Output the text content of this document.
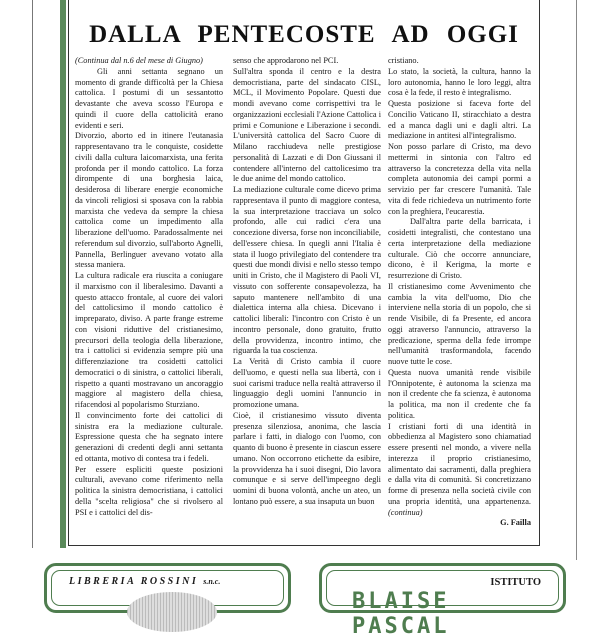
DALLA PENTECOSTE AD OGGI

(Continua dal n.6 del mese di Giugno)

Gli anni settanta segnano un momento di grande difficoltà per la Chiesa cattolica. I postumi di un sessantotto devastante che aveva scosso l'Europa e quindi il cuore della cattolicità erano evidenti e seri.

Divorzio, aborto ed in itinere l'eutanasia rappresentavano tra le conquiste, cosidette civili dalla cultura laicomarxista, una ferita profonda per il mondo cattolico. La forza dirompente di una borghesia laica, desiderosa di liberare energie economiche da vincoli religiosi si sposava con la rabbia marxista che vedeva da sempre la chiesa cattolica come un impedimento alla liberazione dell'uomo. Paradossalmente nei referendum sul divorzio, sull'aborto Agnelli, Pannella, Berlinguer avevano votato alla stessa maniera.

La cultura radicale era riuscita a coniugare il marxismo con il liberalesimo. Davanti a questo attacco frontale, al cuore dei valori del cattolicsimo il mondo cattolico è impreparato, diviso. A parte frange estreme con visioni riduttive del cristianesimo, precursori della teologia della liberazione, tra i cattolici si evidenzia sempre più una differenziazione tra cosidetti cattolici democratici o di sinistra, o cattolici liberali, rispetto a quanti mostravano un ancoraggio maggiore al magistero della chiesa, rifacendosi al popolarismo Sturziano.

Il convincimento forte dei cattolici di sinistra era la mediazione culturale. Espressione questa che ha segnato intere generazioni di credenti degli anni settanta ed ottanta, motivo di contesa tra i fedeli.

Per essere espliciti queste posizioni culturali, avevano come riferimento nella politica la sinistra democristiana, i cattolici della "scelta religiosa" che si rivolsero al PSI e i cattolici del dis-

senso che approdarono nel PCI.

Sull'altra sponda il centro e la destra democristiana, parte del sindacato CISL, MCL, il Movimento Popolare. Questi due mondi avevano come corrispettivi tra le organizzazioni ecclesiali l'Azione Cattolica i primi e Comunione e Liberazione i secondi. L'università cattolica del Sacro Cuore di Milano racchiudeva nelle prestigiose personalità di Lazzati e di Don Giussani il contendere all'interno del cattolicesimo tra le due anime del mondo cattolico.

La mediazione culturale come dicevo prima rappresentava il punto di maggiore contesa, la sua interpretazione tracciava un solco profondo, alle cui radici c'era una concezione diversa, forse non inconciliabile, dell'essere chiesa. In quegli anni l'Italia è stata il luogo privilegiato del contendere tra questi due mondi divisi e nello stesso tempo uniti in Cristo, che il Magistero di Paoli VI, vissuto con sofferente consapevolezza, ha saputo mantenere nell'ambito di una dialettica interna alla chiesa. Dicevano i cattolici liberali: l'incontro con Cristo è un incontro personale, dono gratuito, frutto della provvidenza, incontro intimo, che riguarda la tua coscienza.

La Verità di Cristo cambia il cuore dell'uomo, e questi nella sua libertà, con i suoi carismi traduce nella realtà attraverso il linguaggio degli uomini l'annuncio in promozione umana.

Cioè, il cristianesimo vissuto diventa presenza silenziosa, anonima, che lascia parlare i fatti, in dialogo con l'uomo, con quanto di buono è presente in ciascun essere umano. Non occorrono etichette da esibire, la provvidenza ha i suoi disegni, Dio lavora comunque e si serve dell'impeegno degli uomini di buona volontà, anche un ateo, un lontano può essere, a sua insaputa un buon

cristiano.

Lo stato, la società, la cultura, hanno la loro autonomia, hanno le loro leggi, altra cosa è la fede, il resto è integralismo.

Questa posizione si faceva forte del Concilio Vaticano II, stiracchiato a destra ed a manca dagli uni e dagli altri. La mediazione in antitesi all'integralismo.

Non posso parlare di Cristo, ma devo mettermi in sintonia con l'altro ed attraverso la concretezza della vita nella completa autonomia dei campi pormi a servizio per far crescere l'umanità. Tale vita di fede richiedeva un nutrimento forte con la preghiera, l'eucarestia.

Dall'altra parte della barricata, i cosidetti integralisti, che contestano una certa interpretazione della mediazione culturale. Ciò che occorre annunciare, dicono, è il Kerigma, la morte e resurrezione di Cristo.

Il cristianesimo come Avvenimento che cambia la vita dell'uomo, Dio che interviene nella storia di un popolo, che si rende Visibile, di fa Presente, ed ancora oggi atraverso l'annuncio, attraverso la predicazione, sperma della fede irrompe nell'umanità trasformandola, facendo nuove tutte le cose.

Questa nuova umanità rende visibile l'Onnipotente, è autonoma la scienza ma non il credente che fa scienza, è autonoma la politica, ma non il credente che fa politica.

I cristiani forti di una identità in obbedienza al Magistero sono chiamatiad essere presenti nel mondo, a vivere nella interezza il proprio cristianesimo, alimentato dai sacramenti, dalla preghiera e dalla vita di comunità. Si concretizzano forme di presenza nella società civile con una propria identità, una appartenenza. (continua)

G. Failla

LIBRERIA ROSSINI s.n.c.	ISTITUTO
BLAISE PASCAL
